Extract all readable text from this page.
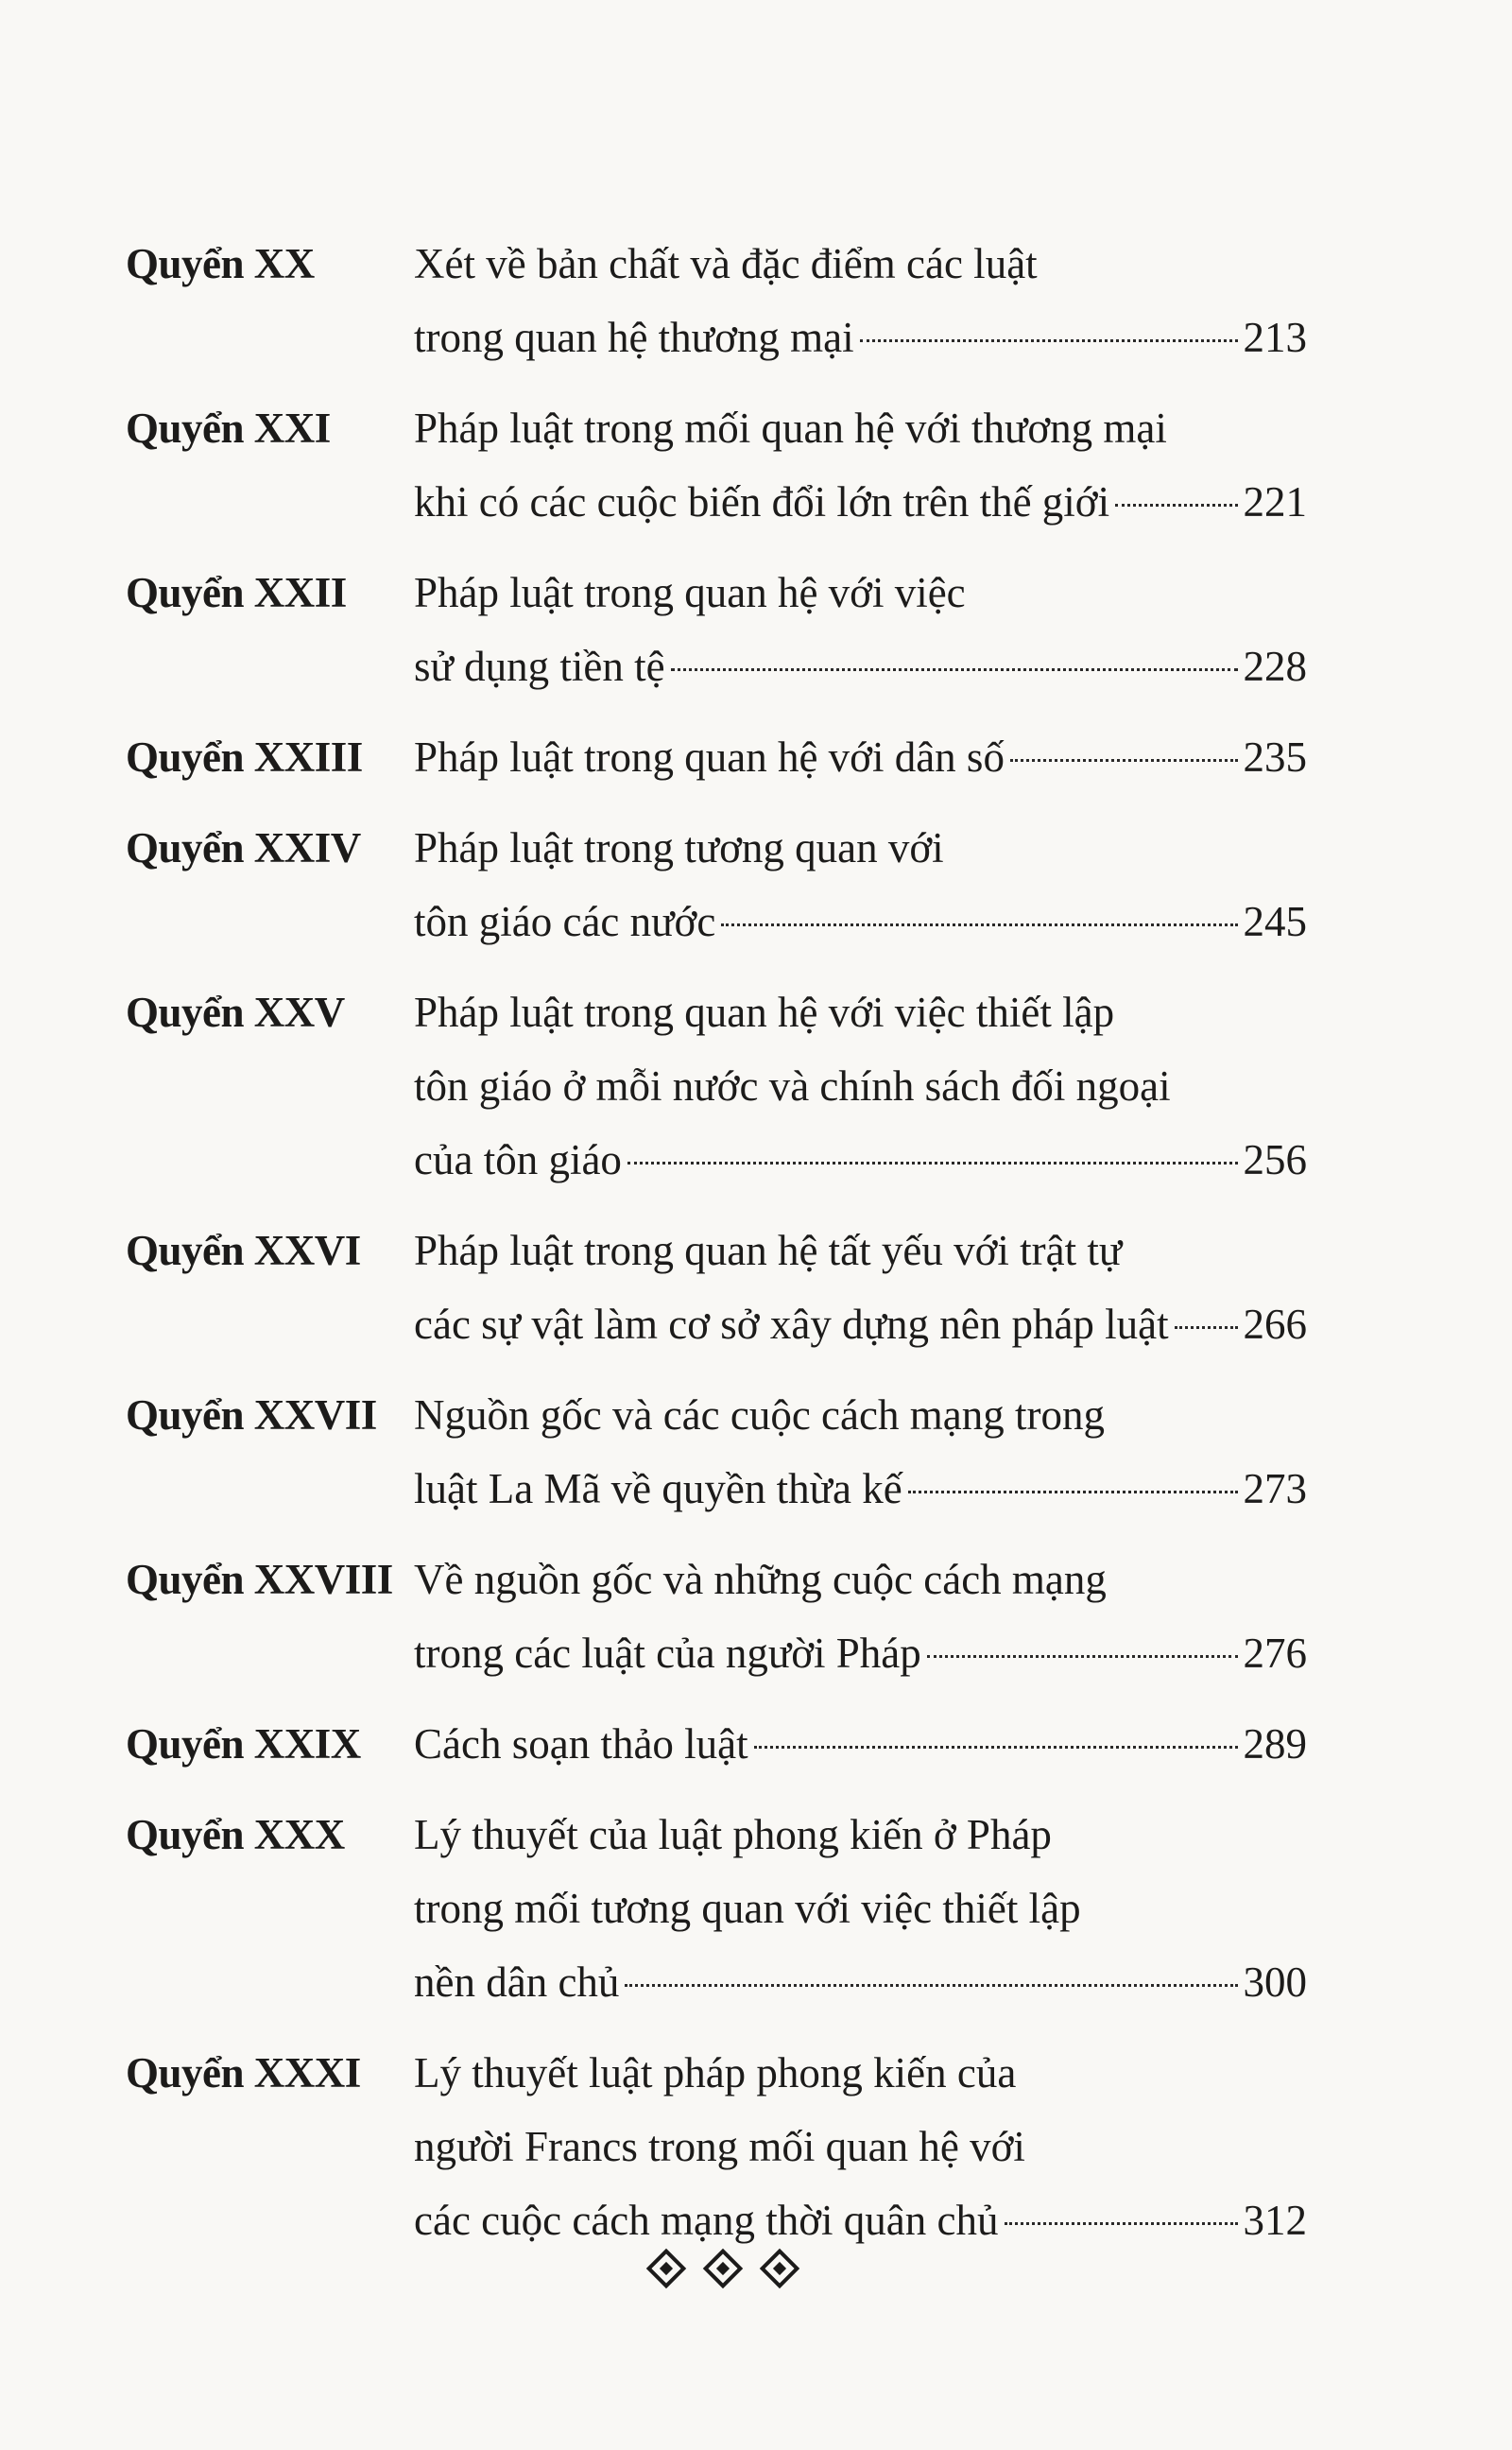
Quyển XX	Xét về bản chất và đặc điểm các luật
trong quan hệ thương mại	213
Quyển XXI	Pháp luật trong mối quan hệ với thương mại
khi có các cuộc biến đổi lớn trên thế giới	221
Quyển XXII	Pháp luật trong quan hệ với việc
sử dụng tiền tệ	228
Quyển XXIII	Pháp luật trong quan hệ với dân số	235
Quyển XXIV	Pháp luật trong tương quan với
tôn giáo các nước	245
Quyển XXV	Pháp luật trong quan hệ với việc thiết lập
tôn giáo ở mỗi nước và chính sách đối ngoại
của tôn giáo	256
Quyển XXVI	Pháp luật trong quan hệ tất yếu với trật tự
các sự vật làm cơ sở xây dựng nên pháp luật 266
Quyển XXVII Nguồn gốc và các cuộc cách mạng trong
luật La Mã về quyền thừa kế	273
Quyển XXVIII Về nguồn gốc và những cuộc cách mạng
trong các luật của người Pháp	276
Quyển XXIX	Cách soạn thảo luật	289
Quyển XXX	Lý thuyết của luật phong kiến ở Pháp
trong mối tương quan với việc thiết lập
nền dân chủ	300
Quyển XXXI	Lý thuyết luật pháp phong kiến của
người Francs trong mối quan hệ với
các cuộc cách mạng thời quân chủ	312
